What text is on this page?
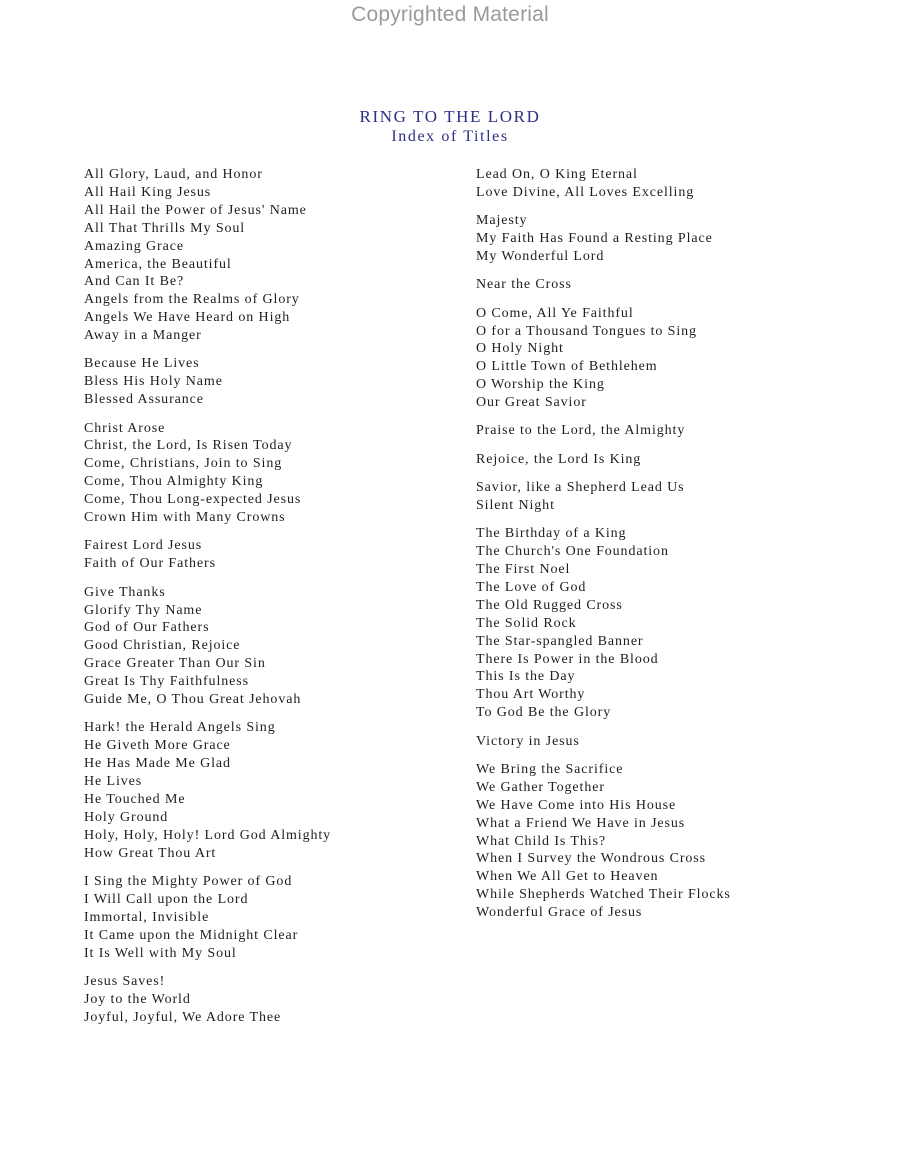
Copyrighted Material
RING TO THE LORD
Index of Titles
All Glory, Laud, and Honor
All Hail King Jesus
All Hail the Power of Jesus' Name
All That Thrills My Soul
Amazing Grace
America, the Beautiful
And Can It Be?
Angels from the Realms of Glory
Angels We Have Heard on High
Away in a Manger
Because He Lives
Bless His Holy Name
Blessed Assurance
Christ Arose
Christ, the Lord, Is Risen Today
Come, Christians, Join to Sing
Come, Thou Almighty King
Come, Thou Long-expected Jesus
Crown Him with Many Crowns
Fairest Lord Jesus
Faith of Our Fathers
Give Thanks
Glorify Thy Name
God of Our Fathers
Good Christian, Rejoice
Grace Greater Than Our Sin
Great Is Thy Faithfulness
Guide Me, O Thou Great Jehovah
Hark! the Herald Angels Sing
He Giveth More Grace
He Has Made Me Glad
He Lives
He Touched Me
Holy Ground
Holy, Holy, Holy! Lord God Almighty
How Great Thou Art
I Sing the Mighty Power of God
I Will Call upon the Lord
Immortal, Invisible
It Came upon the Midnight Clear
It Is Well with My Soul
Jesus Saves!
Joy to the World
Joyful, Joyful, We Adore Thee
Lead On, O King Eternal
Love Divine, All Loves Excelling
Majesty
My Faith Has Found a Resting Place
My Wonderful Lord
Near the Cross
O Come, All Ye Faithful
O for a Thousand Tongues to Sing
O Holy Night
O Little Town of Bethlehem
O Worship the King
Our Great Savior
Praise to the Lord, the Almighty
Rejoice, the Lord Is King
Savior, like a Shepherd Lead Us
Silent Night
The Birthday of a King
The Church's One Foundation
The First Noel
The Love of God
The Old Rugged Cross
The Solid Rock
The Star-spangled Banner
There Is Power in the Blood
This Is the Day
Thou Art Worthy
To God Be the Glory
Victory in Jesus
We Bring the Sacrifice
We Gather Together
We Have Come into His House
What a Friend We Have in Jesus
What Child Is This?
When I Survey the Wondrous Cross
When We All Get to Heaven
While Shepherds Watched Their Flocks
Wonderful Grace of Jesus
